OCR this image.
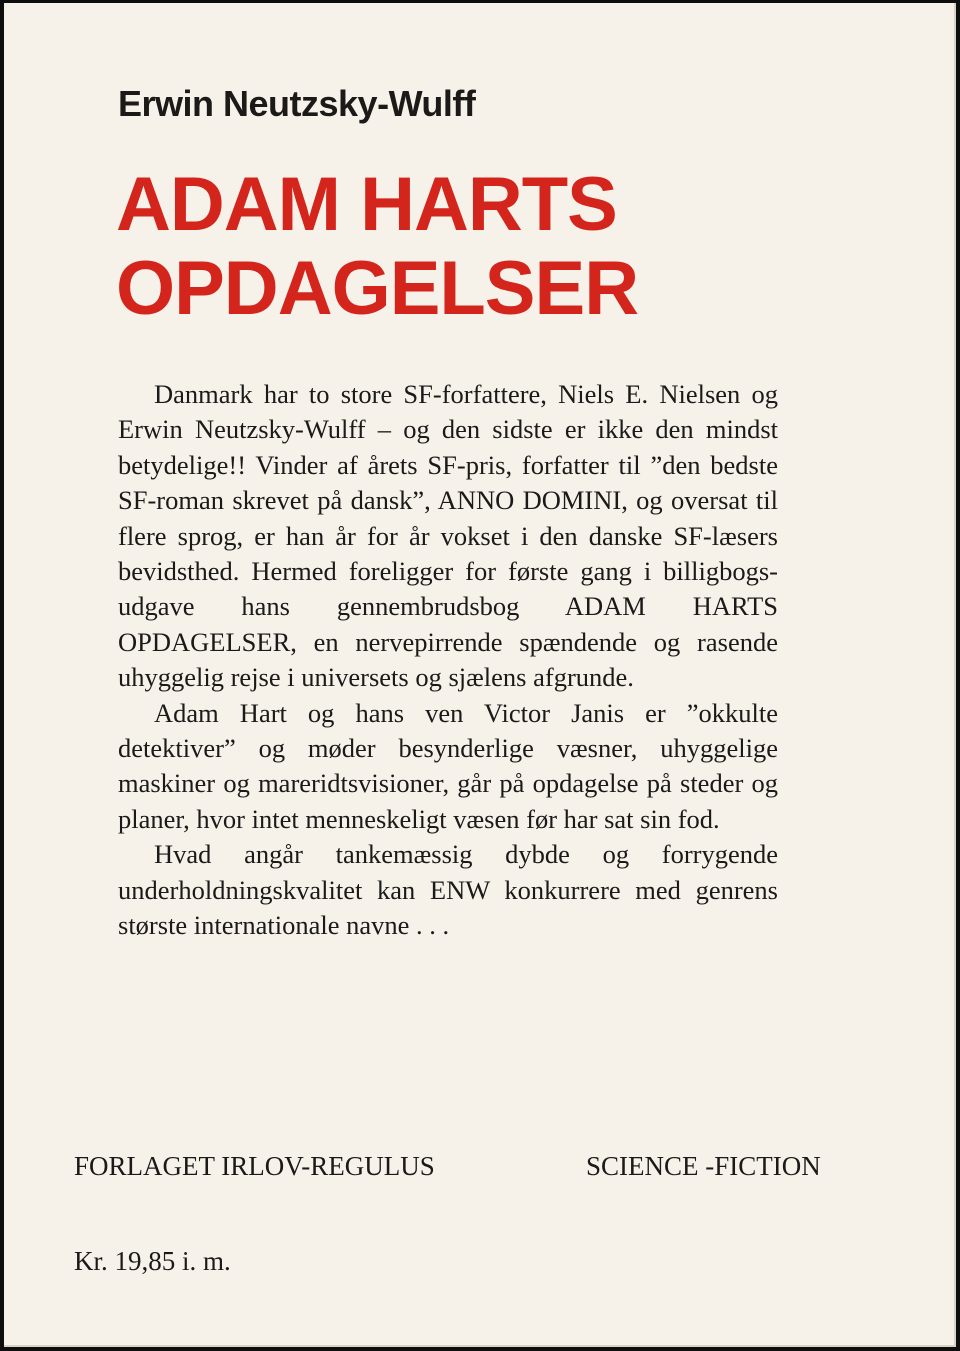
Erwin Neutzsky-Wulff
ADAM HARTS
OPDAGELSER

Danmark har to store SF-forfattere, Niels E. Nielsen og Erwin Neutzsky-Wulff – og den sidste er ikke den mindst betydelige!! Vinder af årets SF-pris, forfatter til ”den bedste SF-roman skrevet på dansk”, ANNO DOMINI, og oversat til flere sprog, er han år for år vokset i den danske SF-læsers bevidsthed. Hermed foreligger for første gang i billigbogs-udgave hans gennembrudsbog ADAM HARTS OPDAGELSER, en nervepirrende spændende og rasende uhyggelig rejse i universets og sjælens afgrunde.

Adam Hart og hans ven Victor Janis er ”okkulte detektiver” og møder besynderlige væsner, uhyggelige maskiner og mareridtsvisioner, går på opdagelse på steder og planer, hvor intet menneskeligt væsen før har sat sin fod.

Hvad angår tankemæssig dybde og forrygende underholdningskvalitet kan ENW konkurrere med genrens største internationale navne . . .

FORLAGET IRLOV-REGULUS	SCIENCE -FICTION
Kr. 19,85 i. m.
